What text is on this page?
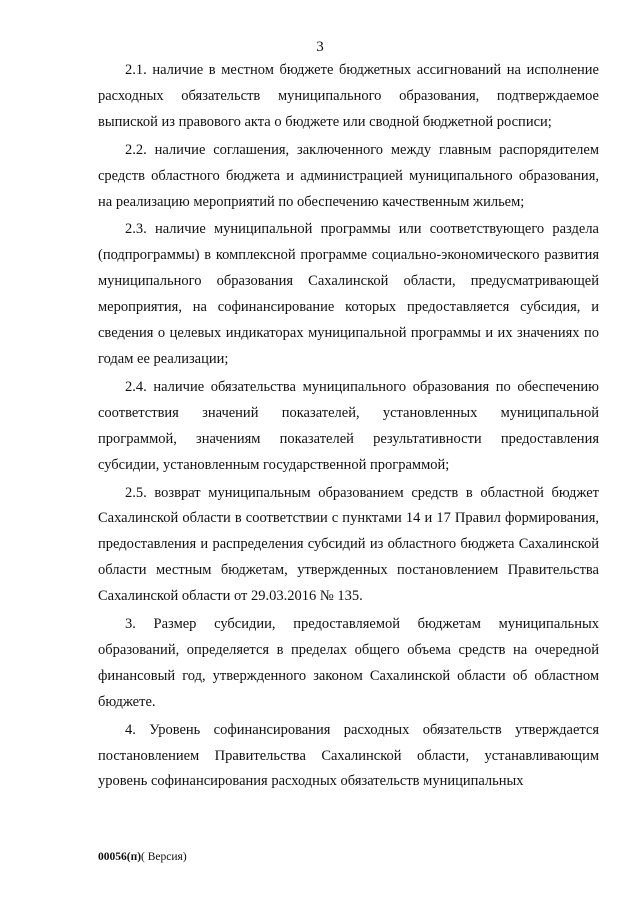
3

2.1. наличие в местном бюджете бюджетных ассигнований на исполнение расходных обязательств муниципального образования, подтверждаемое выпиской из правового акта о бюджете или сводной бюджетной росписи;

2.2. наличие соглашения, заключенного между главным распорядителем средств областного бюджета и администрацией муниципального образования, на реализацию мероприятий по обеспечению качественным жильем;

2.3. наличие муниципальной программы или соответствующего раздела (подпрограммы) в комплексной программе социально-экономического развития муниципального образования Сахалинской области, предусматривающей мероприятия, на софинансирование которых предоставляется субсидия, и сведения о целевых индикаторах муниципальной программы и их значениях по годам ее реализации;

2.4. наличие обязательства муниципального образования по обеспечению соответствия значений показателей, установленных муниципальной программой, значениям показателей результативности предоставления субсидии, установленным государственной программой;

2.5. возврат муниципальным образованием средств в областной бюджет Сахалинской области в соответствии с пунктами 14 и 17 Правил формирования, предоставления и распределения субсидий из областного бюджета Сахалинской области местным бюджетам, утвержденных постановлением Правительства Сахалинской области от 29.03.2016 № 135.

3. Размер субсидии, предоставляемой бюджетам муниципальных образований, определяется в пределах общего объема средств на очередной финансовый год, утвержденного законом Сахалинской области об областном бюджете.

4. Уровень софинансирования расходных обязательств утверждается постановлением Правительства Сахалинской области, устанавливающим уровень софинансирования расходных обязательств муниципальных

00056(п)( Версия)
